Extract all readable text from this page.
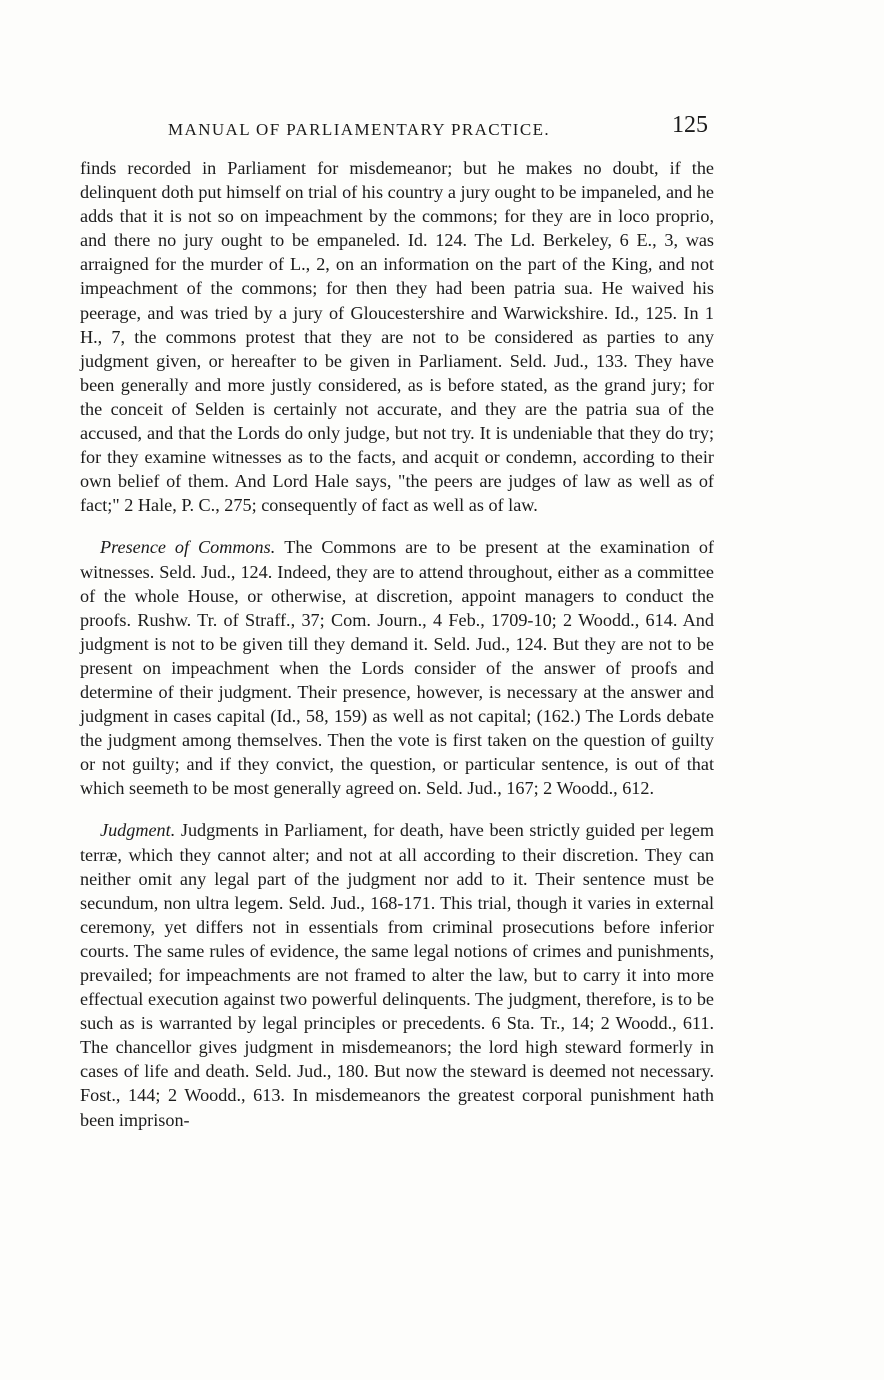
MANUAL OF PARLIAMENTARY PRACTICE.	125

finds recorded in Parliament for misdemeanor; but he makes no doubt, if the delinquent doth put himself on trial of his country a jury ought to be impaneled, and he adds that it is not so on impeachment by the commons; for they are in loco proprio, and there no jury ought to be empaneled. Id. 124. The Ld. Berkeley, 6 E., 3, was arraigned for the murder of L., 2, on an information on the part of the King, and not impeachment of the commons; for then they had been patria sua. He waived his peerage, and was tried by a jury of Gloucestershire and Warwickshire. Id., 125. In 1 H., 7, the commons protest that they are not to be considered as parties to any judgment given, or hereafter to be given in Parliament. Seld. Jud., 133. They have been generally and more justly considered, as is before stated, as the grand jury; for the conceit of Selden is certainly not accurate, and they are the patria sua of the accused, and that the Lords do only judge, but not try. It is undeniable that they do try; for they examine witnesses as to the facts, and acquit or condemn, according to their own belief of them. And Lord Hale says, "the peers are judges of law as well as of fact;" 2 Hale, P. C., 275; consequently of fact as well as of law.

Presence of Commons. The Commons are to be present at the examination of witnesses. Seld. Jud., 124. Indeed, they are to attend throughout, either as a committee of the whole House, or otherwise, at discretion, appoint managers to conduct the proofs. Rushw. Tr. of Straff., 37; Com. Journ., 4 Feb., 1709-10; 2 Woodd., 614. And judgment is not to be given till they demand it. Seld. Jud., 124. But they are not to be present on impeachment when the Lords consider of the answer of proofs and determine of their judgment. Their presence, however, is necessary at the answer and judgment in cases capital (Id., 58, 159) as well as not capital; (162.) The Lords debate the judgment among themselves. Then the vote is first taken on the question of guilty or not guilty; and if they convict, the question, or particular sentence, is out of that which seemeth to be most generally agreed on. Seld. Jud., 167; 2 Woodd., 612.

Judgment. Judgments in Parliament, for death, have been strictly guided per legem terræ, which they cannot alter; and not at all according to their discretion. They can neither omit any legal part of the judgment nor add to it. Their sentence must be secundum, non ultra legem. Seld. Jud., 168-171. This trial, though it varies in external ceremony, yet differs not in essentials from criminal prosecutions before inferior courts. The same rules of evidence, the same legal notions of crimes and punishments, prevailed; for impeachments are not framed to alter the law, but to carry it into more effectual execution against two powerful delinquents. The judgment, therefore, is to be such as is warranted by legal principles or precedents. 6 Sta. Tr., 14; 2 Woodd., 611. The chancellor gives judgment in misdemeanors; the lord high steward formerly in cases of life and death. Seld. Jud., 180. But now the steward is deemed not necessary. Fost., 144; 2 Woodd., 613. In misdemeanors the greatest corporal punishment hath been imprison-
